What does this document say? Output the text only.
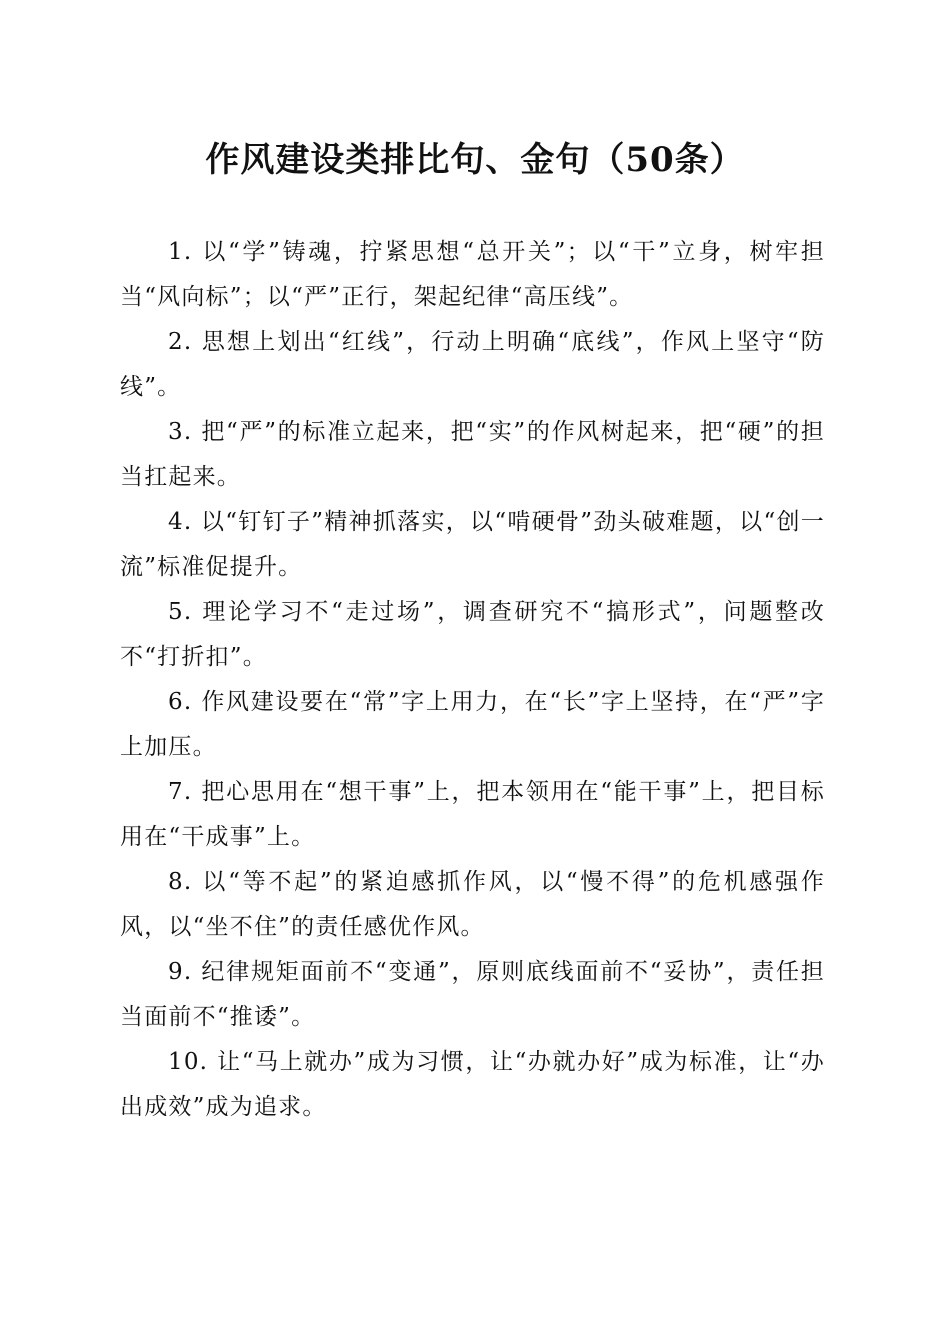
作风建设类排比句、金句（50条）

1. 以“学”铸魂，拧紧思想“总开关”；以“干”立身，树牢担当“风向标”；以“严”正行，架起纪律“高压线”。

2. 思想上划出“红线”，行动上明确“底线”，作风上坚守“防线”。

3. 把“严”的标准立起来，把“实”的作风树起来，把“硬”的担当扛起来。

4. 以“钉钉子”精神抓落实，以“啃硬骨”劲头破难题，以“创一流”标准促提升。

5. 理论学习不“走过场”，调查研究不“搞形式”，问题整改不“打折扣”。

6. 作风建设要在“常”字上用力，在“长”字上坚持，在“严”字上加压。

7. 把心思用在“想干事”上，把本领用在“能干事”上，把目标用在“干成事”上。

8. 以“等不起”的紧迫感抓作风，以“慢不得”的危机感强作风，以“坐不住”的责任感优作风。

9. 纪律规矩面前不“变通”，原则底线面前不“妥协”，责任担当面前不“推诿”。

10. 让“马上就办”成为习惯，让“办就办好”成为标准，让“办出成效”成为追求。
